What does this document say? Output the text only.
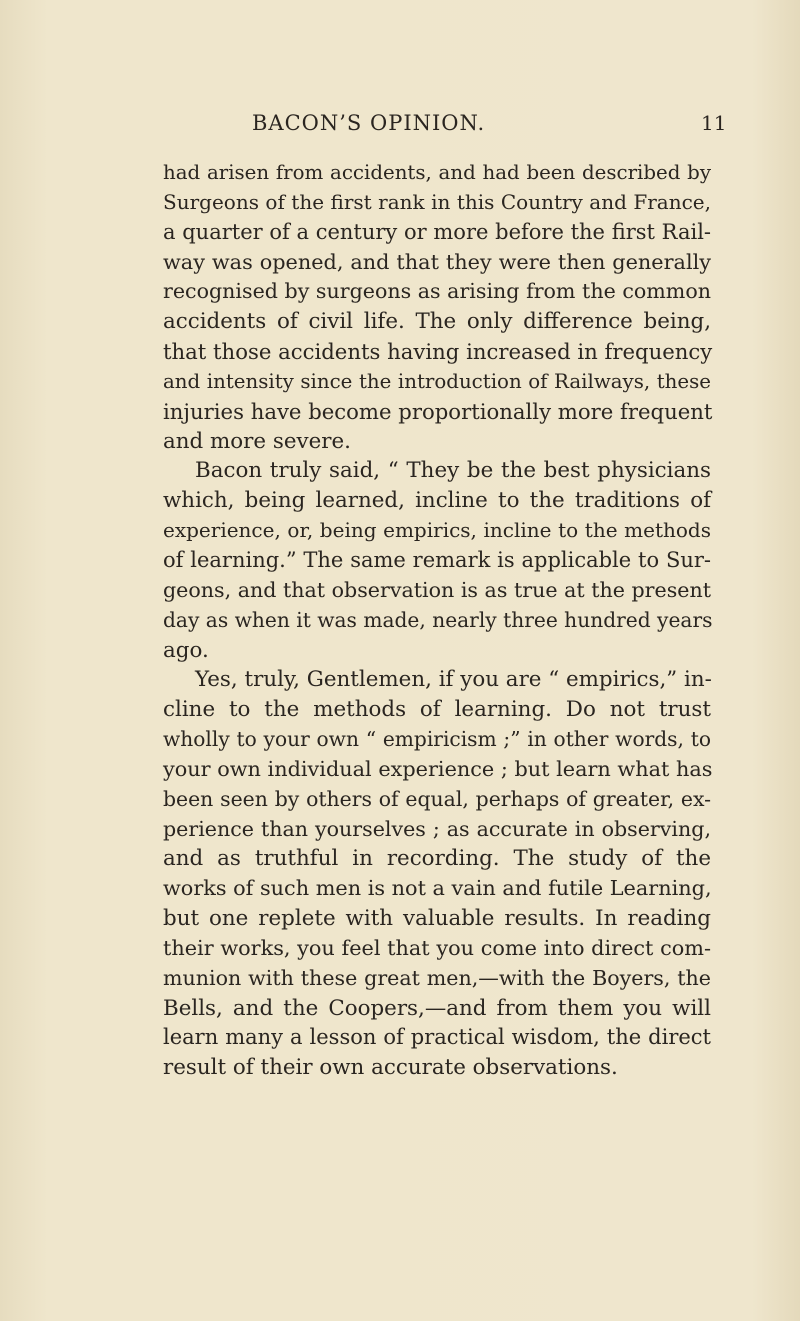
BACON’S OPINION.	11
had arisen from accidents, and had been described by
Surgeons of the first rank in this Country and France,
a quarter of a century or more before the first Rail-
way was opened, and that they were then generally
recognised by surgeons as arising from the common
accidents of civil life. The only difference being,
that those accidents having increased in frequency
and intensity since the introduction of Railways, these
injuries have become proportionally more frequent
and more severe.
Bacon truly said, “ They be the best physicians
which, being learned, incline to the traditions of
experience, or, being empirics, incline to the methods
of learning.” The same remark is applicable to Sur-
geons, and that observation is as true at the present
day as when it was made, nearly three hundred years
ago.
Yes, truly, Gentlemen, if you are “ empirics,” in-
cline to the methods of learning. Do not trust
wholly to your own “ empiricism ;” in other words, to
your own individual experience ; but learn what has
been seen by others of equal, perhaps of greater, ex-
perience than yourselves ; as accurate in observing,
and as truthful in recording. The study of the
works of such men is not a vain and futile Learning,
but one replete with valuable results. In reading
their works, you feel that you come into direct com-
munion with these great men,—with the Boyers, the
Bells, and the Coopers,—and from them you will
learn many a lesson of practical wisdom, the direct
result of their own accurate observations.
